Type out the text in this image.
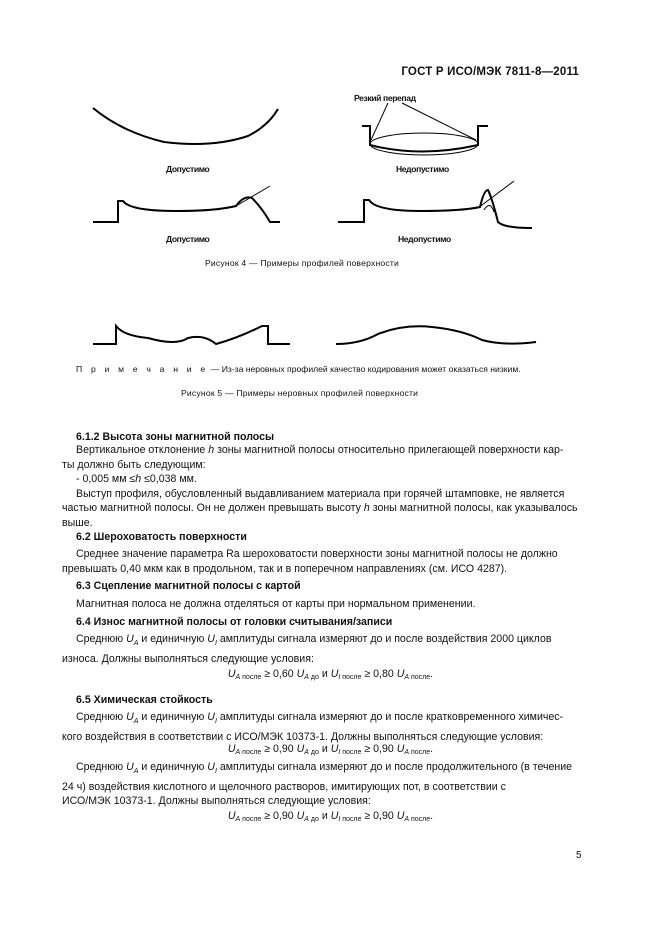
ГОСТ Р ИСО/МЭК 7811-8—2011
Резкий перепад
Допустимо	Недопустимо
Допустимо	Недопустимо
Рисунок 4 — Примеры профилей поверхности
П р и м е ч а н и е — Из-за неровных профилей качество кодирования может оказаться низким.
Рисунок 5 — Примеры неровных профилей поверхности
6.1.2 Высота зоны магнитной полосы

Вертикальное отклонение h зоны магнитной полосы относительно прилегающей поверхности кар-

ты должно быть следующим:

- 0,005 мм ≤h ≤0,038 мм.

Выступ профиля, обусловленный выдавливанием материала при горячей штамповке, не является

частью магнитной полосы. Он не должен превышать высоту h зоны магнитной полосы, как указывалось

выше.

6.2 Шероховатость поверхности

Среднее значение параметра Ra шероховатости поверхности зоны магнитной полосы не должно

превышать 0,40 мкм как в продольном, так и в поперечном направлениях (см. ИСО 4287).

6.3 Сцепление магнитной полосы с картой
Магнитная полоса не должна отделяться от карты при нормальном применении.
6.4 Износ магнитной полосы от головки считывания/записи

Среднюю $U_A$ и единичную $U_I$ амплитуды сигнала измеряют до и после воздействия 2000 циклов

износа. Должны выполняться следующие условия:

$U_{A после} \ge 0,60$ $U_{A до}$ и $U_{I после} \ge 0,80$ $U_{A после}$.
6.5 Химическая стойкость

Среднюю $U_A$ и единичную $U_I$ амплитуды сигнала измеряют до и после кратковременного химичес-

кого воздействия в соответствии с ИСО/МЭК 10373-1. Должны выполняться следующие условия:

$U_{A после} \ge 0,90$ $U_{A до}$ и $U_{I после} \ge 0,90$ $U_{A после}$.

Среднюю $U_A$ и единичную $U_I$ амплитуды сигнала измеряют до и после продолжительного (в течение

24 ч) воздействия кислотного и щелочного растворов, имитирующих пот, в соответствии с

ИСО/МЭК 10373-1. Должны выполняться следующие условия:

$U_{A после} \ge 0,90$ $U_{A до}$ и $U_{I после} \ge 0,90$ $U_{A после}$.
5
